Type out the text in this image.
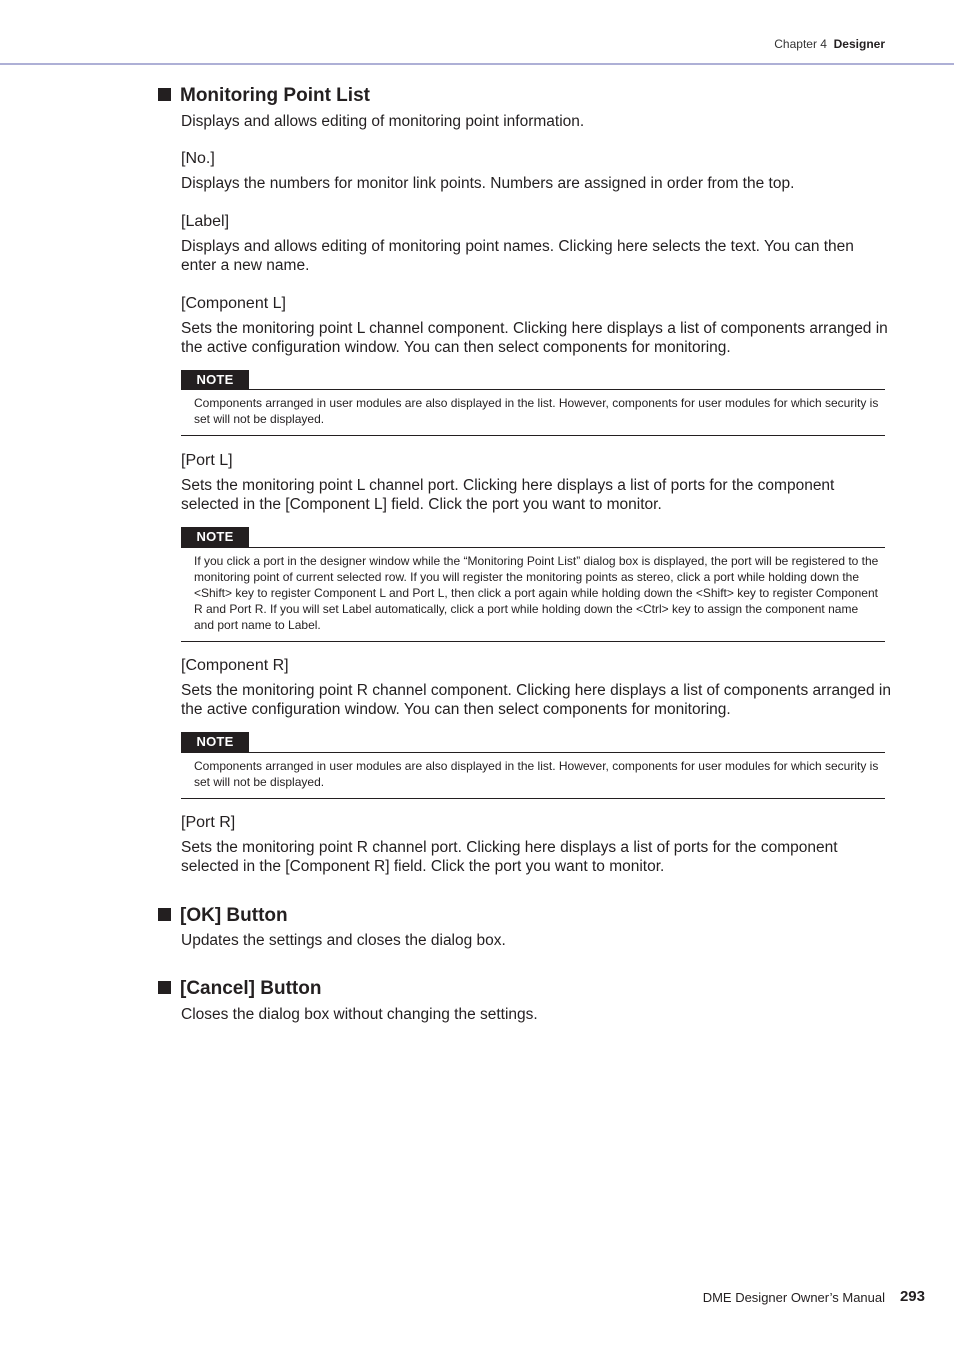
Chapter 4 Designer
Monitoring Point List
Displays and allows editing of monitoring point information.
[No.]
Displays the numbers for monitor link points. Numbers are assigned in order from the top.
[Label]
Displays and allows editing of monitoring point names. Clicking here selects the text. You can then enter a new name.
[Component L]
Sets the monitoring point L channel component. Clicking here displays a list of components arranged in the active configuration window. You can then select components for monitoring.
NOTE
Components arranged in user modules are also displayed in the list. However, components for user modules for which security is set will not be displayed.
[Port L]
Sets the monitoring point L channel port. Clicking here displays a list of ports for the component selected in the [Component L] field. Click the port you want to monitor.
NOTE
If you click a port in the designer window while the “Monitoring Point List” dialog box is displayed, the port will be registered to the monitoring point of current selected row. If you will register the monitoring points as stereo, click a port while holding down the <Shift> key to register Component L and Port L, then click a port again while holding down the <Shift> key to register Component R and Port R. If you will set Label automatically, click a port while holding down the <Ctrl> key to assign the component name and port name to Label.
[Component R]
Sets the monitoring point R channel component. Clicking here displays a list of components arranged in the active configuration window. You can then select components for monitoring.
NOTE
Components arranged in user modules are also displayed in the list. However, components for user modules for which security is set will not be displayed.
[Port R]
Sets the monitoring point R channel port. Clicking here displays a list of ports for the component selected in the [Component R] field. Click the port you want to monitor.
[OK] Button
Updates the settings and closes the dialog box.
[Cancel] Button
Closes the dialog box without changing the settings.
DME Designer Owner’s Manual 293
